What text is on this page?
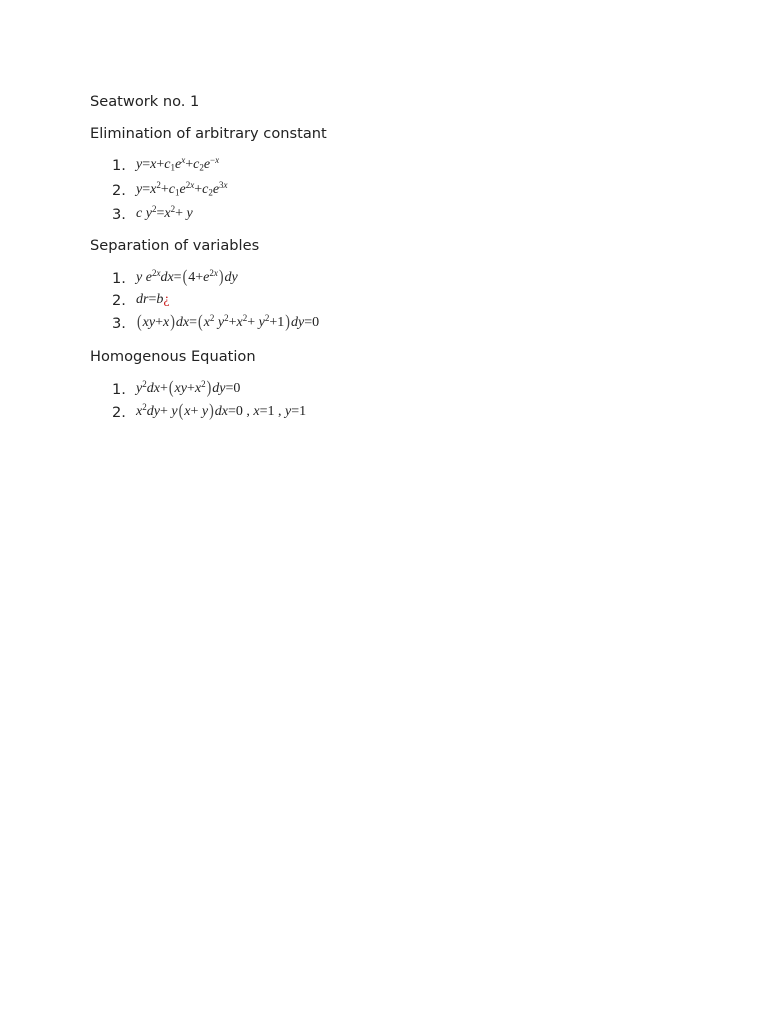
Seatwork no. 1
Elimination of arbitrary constant
1. $y=x+c_1e^x+c_2e^{-x}$
2. $y=x^2+c_1e^{2x}+c_2e^{3x}$
3. c $y^2=x^2+ y$
Separation of variables
1. y $e^{2x}dx=(4+e^{2x})dy$
2. dr=b¿
3. $(xy+x)dx=(x^2$ $y^2+x^2+ y^2+1)dy=0$
Homogenous Equation
1. $y^2dx+(xy+x^2)dy=0$
2. $x^2dy+ y(x+ y)dx=0$ , x=1 , y=1
